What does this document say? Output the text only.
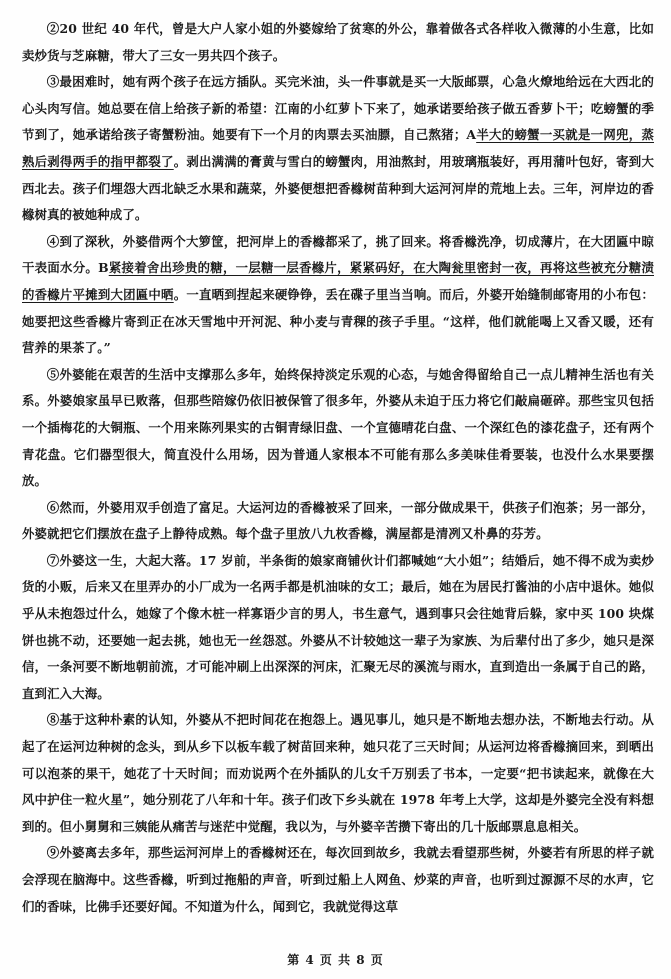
②20 世纪 40 年代，曾是大户人家小姐的外婆嫁给了贫寒的外公，靠着做各式各样收入微薄的小生意，比如卖炒货与芝麻糖，带大了三女一男共四个孩子。

③最困难时，她有两个孩子在远方插队。买完米油，头一件事就是买一大版邮票，心急火燎地给远在大西北的心头肉写信。她总要在信上给孩子新的希望：江南的小红萝卜下来了，她承诺要给孩子做五香萝卜干；吃螃蟹的季节到了，她承诺给孩子寄蟹粉油。她要有下一个月的肉票去买油膘，自己熬猪；A半大的螃蟹一买就是一网兜，蒸熟后剥得两手的指甲都裂了。剥出满满的膏黄与雪白的螃蟹肉，用油熬封，用玻璃瓶装好，再用蒲叶包好，寄到大西北去。孩子们埋怨大西北缺乏水果和蔬菜，外婆便想把香橼树苗种到大运河河岸的荒地上去。三年，河岸边的香橼树真的被她种成了。

④到了深秋，外婆借两个大箩筐，把河岸上的香橼都采了，挑了回来。将香橼洗净，切成薄片，在大团匾中晾干表面水分。B紧接着舍出珍贵的糖，一层糖一层香橼片，紧紧码好，在大陶瓮里密封一夜，再将这些被充分糖渍的香橼片平摊到大团匾中晒。一直晒到捏起来硬铮铮，丢在碟子里当当响。而后，外婆开始缝制邮寄用的小布包：她要把这些香橼片寄到正在冰天雪地中开河泥、种小麦与青稞的孩子手里。“这样，他们就能喝上又香又暖，还有营养的果茶了。”

⑤外婆能在艰苦的生活中支撑那么多年，始终保持淡定乐观的心态，与她舍得留给自己一点儿精神生活也有关系。外婆娘家虽早已败落，但那些陪嫁仍依旧被保管了很多年，外婆从未迫于压力将它们敲扁砸碎。那些宝贝包括一个插梅花的大铜瓶、一个用来陈列果实的古铜青绿旧盘、一个宣德晴花白盘、一个深红色的漆花盘子，还有两个青花盘。它们器型很大，简直没什么用场，因为普通人家根本不可能有那么多美味佳肴要装，也没什么水果要摆放。

⑥然而，外婆用双手创造了富足。大运河边的香橼被采了回来，一部分做成果干，供孩子们泡茶；另一部分，外婆就把它们摆放在盘子上静待成熟。每个盘子里放八九枚香橼，满屋都是清冽又朴鼻的芬芳。

⑦外婆这一生，大起大落。17 岁前，半条街的娘家商铺伙计们都喊她“大小姐”；结婚后，她不得不成为卖炒货的小贩，后来又在里弄办的小厂成为一名两手都是机油味的女工；最后，她在为居民打酱油的小店中退休。她似乎从未抱怨过什么，她嫁了个像木桩一样寡语少言的男人，书生意气，遇到事只会往她背后躲，家中买 100 块煤饼也挑不动，还要她一起去挑，她也无一丝怨怼。外婆从不计较她这一辈子为家族、为后辈付出了多少，她只是深信，一条河要不断地朝前流，才可能冲刷上出深深的河床，汇聚无尽的溪流与雨水，直到造出一条属于自己的路，直到汇入大海。

⑧基于这种朴素的认知，外婆从不把时间花在抱怨上。遇见事儿，她只是不断地去想办法，不断地去行动。从起了在运河边种树的念头，到从乡下以板车载了树苗回来种，她只花了三天时间；从运河边将香橼摘回来，到晒出可以泡茶的果干，她花了十天时间；而劝说两个在外插队的儿女千万别丢了书本，一定要“把书读起来，就像在大风中护住一粒火星”，她分别花了八年和十年。孩子们改下乡头就在 1978 年考上大学，这却是外婆完全没有料想到的。但小舅舅和三姨能从痛苦与迷茫中觉醒，我以为，与外婆辛苦攒下寄出的几十版邮票息息相关。

⑨外婆离去多年，那些运河河岸上的香橼树还在，每次回到故乡，我就去看望那些树，外婆若有所思的样子就会浮现在脑海中。这些香橼，听到过拖船的声音，听到过船上人网鱼、炒菜的声音，也听到过源源不尽的水声，它们的香味，比佛手还要好闻。不知道为什么，闻到它，我就觉得这草

第 4 页 共 8 页
